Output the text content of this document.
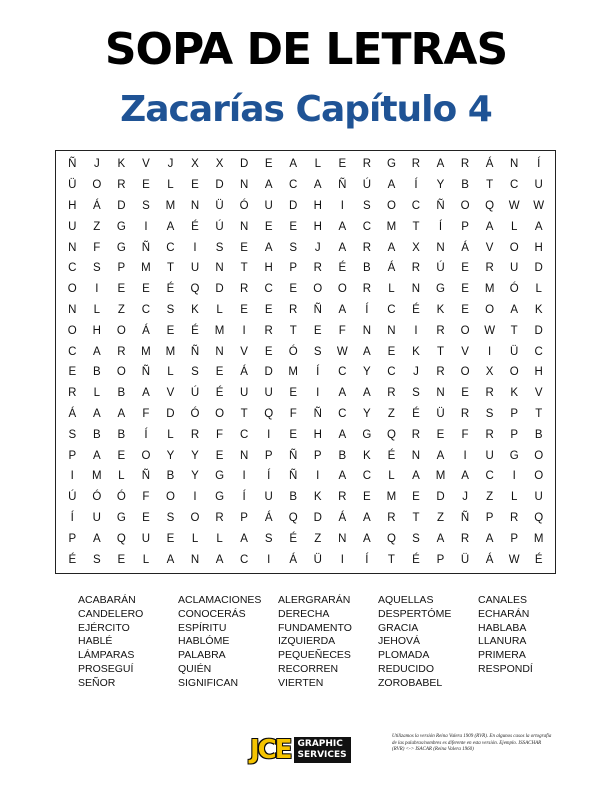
SOPA DE LETRAS
Zacarías Capítulo 4
Ñ	J	K	V	J	X	X	D	E	A	L	E	R	G	R	A	R	Á	N	Í
Ü	O	R	E	L	E	D	N	A	C	A	Ñ	Ú	A	Í	Y	B	T	C	U
H	Á	D	S	M	N	Ü	Ó	U	D	H	I	S	O	C	Ñ	O	Q	W	W
U	Z	G	I	A	É	Ú	N	E	E	H	A	C	M	T	Í	P	A	L	A
N	F	G	Ñ	C	I	S	E	A	S	J	A	R	A	X	N	Á	V	O	H
C	S	P	M	T	U	N	T	H	P	R	É	B	Á	R	Ú	E	R	U	D
O	I	E	E	É	Q	D	R	C	E	O	O	R	L	N	G	E	M	Ó	L
N	L	Z	C	S	K	L	E	E	R	Ñ	A	Í	C	É	K	E	O	A	K
O	H	O	Á	E	É	M	I	R	T	E	F	N	N	I	R	O	W	T	D
C	A	R	M	M	Ñ	N	V	E	Ó	S	W	A	E	K	T	V	I	Ü	C
E	B	O	Ñ	L	S	E	Á	D	M	Í	C	Y	C	J	R	O	X	O	H
R	L	B	A	V	Ú	É	U	U	E	I	A	A	R	S	N	E	R	K	V
Á	A	A	F	D	Ó	O	T	Q	F	Ñ	C	Y	Z	É	Ü	R	S	P	T
S	B	B	Í	L	R	F	C	I	E	H	A	G	Q	R	E	F	R	P	B
P	A	E	O	Y	Y	E	N	P	Ñ	P	B	K	É	N	A	I	U	G	O
I	M	L	Ñ	B	Y	G	I	Í	Ñ	I	A	C	L	A	M	A	C	I	O
Ú	Ó	Ó	F	O	I	G	Í	U	B	K	R	E	M	E	D	J	Z	L	U
Í	U	G	E	S	O	R	P	Á	Q	D	Á	A	R	T	Z	Ñ	P	R	Q
P	A	Q	U	E	L	L	A	S	É	Z	N	A	Q	S	A	R	A	P	M
É	S	E	L	A	N	A	C	I	Á	Ü	I	Í	T	É	P	Ü	Á	W	É
ACABARÁN
CANDELERO
EJÉRCITO
HABLÉ
LÁMPARAS
PROSEGUÍ
SEÑOR
ACLAMACIONES
CONOCERÁS
ESPÍRITU
HABLÓME
PALABRA
QUIÉN
SIGNIFICAN
ALERGRARÁN
DERECHA
FUNDAMENTO
IZQUIERDA
PEQUEÑECES
RECORREN
VIERTEN
AQUELLAS
DESPERTÓME
GRACIA
JEHOVÁ
PLOMADA
REDUCIDO
ZOROBABEL
CANALES
ECHARÁN
HABLABA
LLANURA
PRIMERA
RESPONDÍ
JCE GRAPHIC
SERVICES
Utilizamos la versión Reina Valera 1909 (RVR). En algunos casos la ortografía de las palabras/nombres es diferente en esta versión. Ejemplo. ISSACHAR (RVR) <-> ISACAR (Reina Valera 1960)
